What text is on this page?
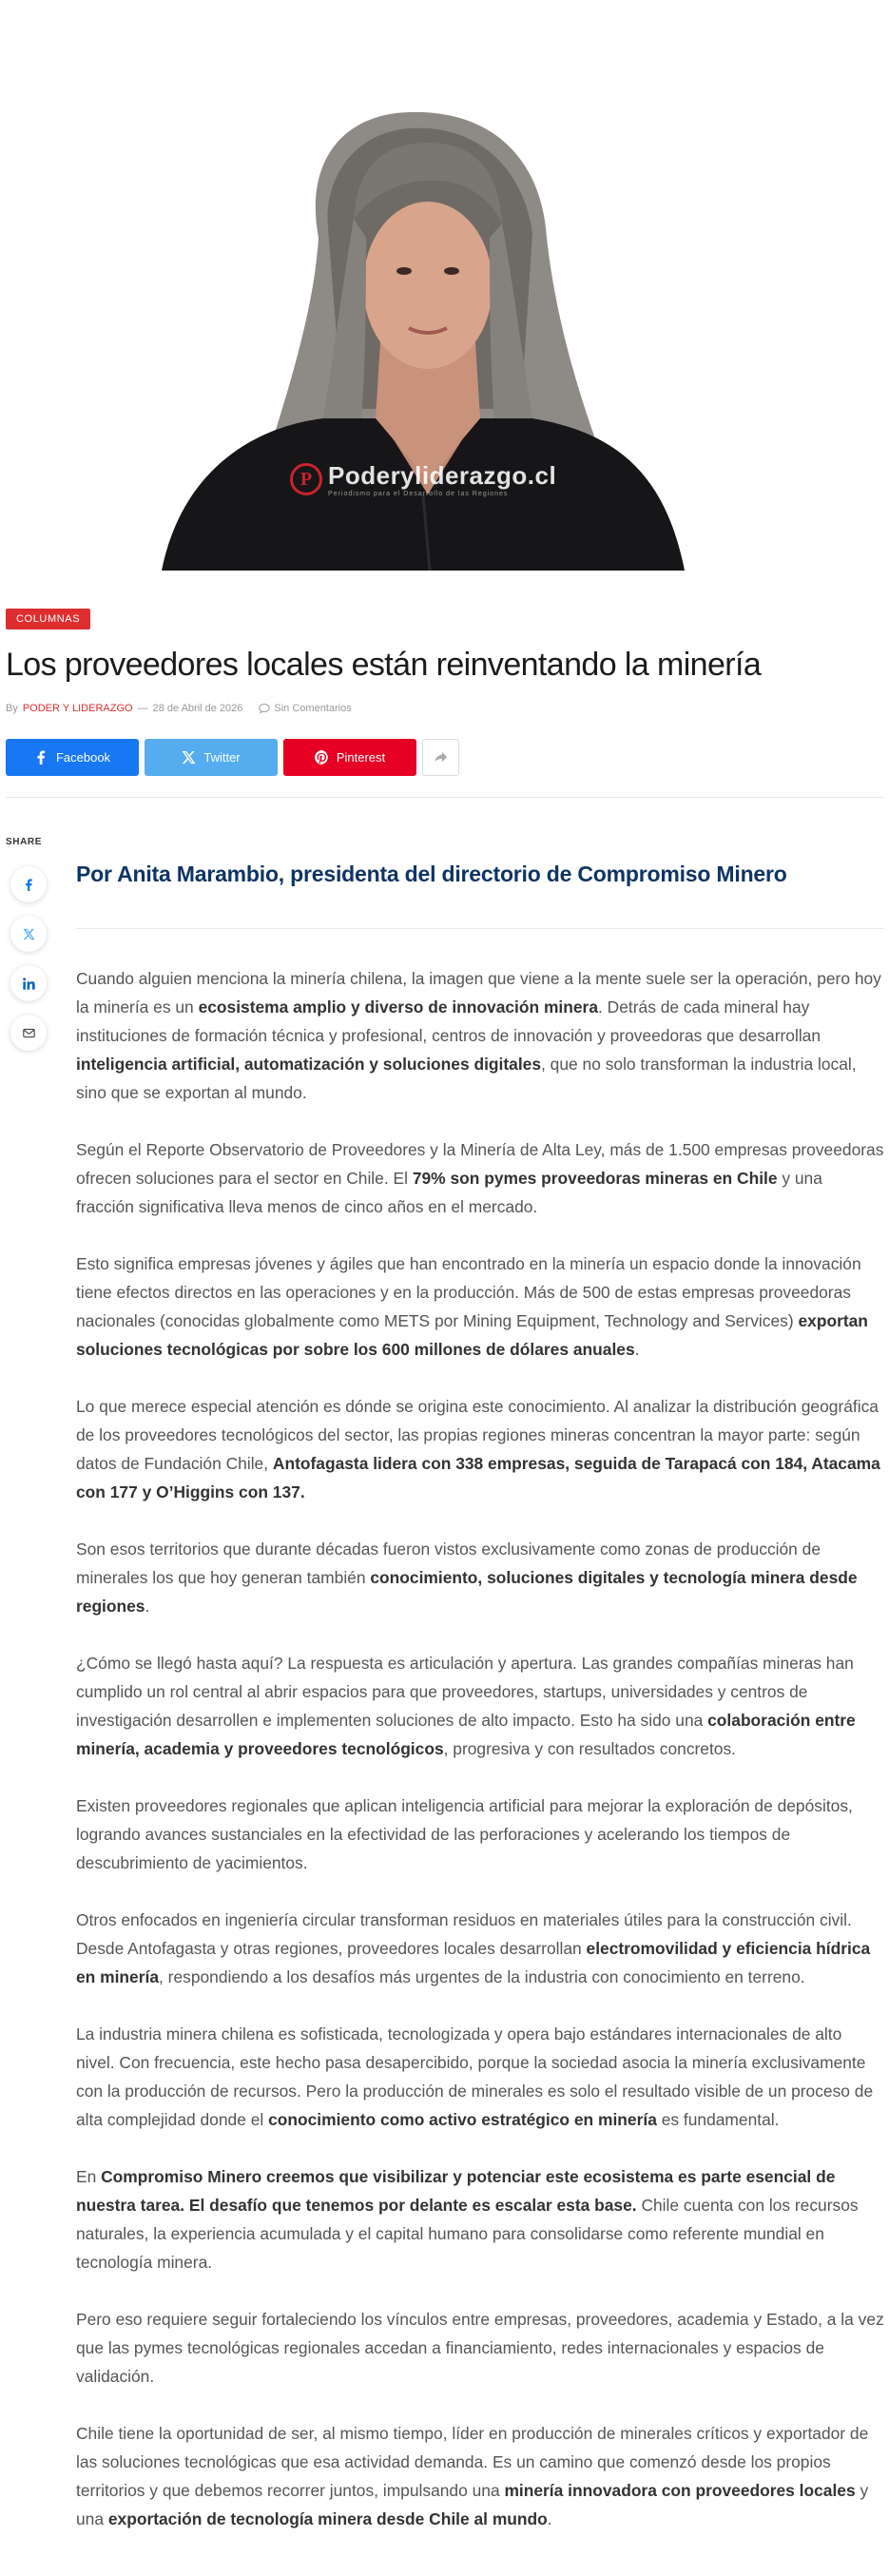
P Poderyliderazgo.cl
Periodismo para el Desarrollo de las Regiones
COLUMNAS
Los proveedores locales están reinventando la minería
By PODER Y LIDERAZGO — 28 de Abril de 2026	Sin Comentarios
Facebook	Twitter	Pinterest
SHARE
Por Anita Marambio, presidenta del directorio de Compromiso Minero

Cuando alguien menciona la minería chilena, la imagen que viene a la mente suele ser la operación, pero hoy la minería es un ecosistema amplio y diverso de innovación minera. Detrás de cada mineral hay instituciones de formación técnica y profesional, centros de innovación y proveedoras que desarrollan inteligencia artificial, automatización y soluciones digitales, que no solo transforman la industria local, sino que se exportan al mundo.

Según el Reporte Observatorio de Proveedores y la Minería de Alta Ley, más de 1.500 empresas proveedoras ofrecen soluciones para el sector en Chile. El 79% son pymes proveedoras mineras en Chile y una fracción significativa lleva menos de cinco años en el mercado.

Esto significa empresas jóvenes y ágiles que han encontrado en la minería un espacio donde la innovación tiene efectos directos en las operaciones y en la producción. Más de 500 de estas empresas proveedoras nacionales (conocidas globalmente como METS por Mining Equipment, Technology and Services) exportan soluciones tecnológicas por sobre los 600 millones de dólares anuales.

Lo que merece especial atención es dónde se origina este conocimiento. Al analizar la distribución geográfica de los proveedores tecnológicos del sector, las propias regiones mineras concentran la mayor parte: según datos de Fundación Chile, Antofagasta lidera con 338 empresas, seguida de Tarapacá con 184, Atacama con 177 y O’Higgins con 137.

Son esos territorios que durante décadas fueron vistos exclusivamente como zonas de producción de minerales los que hoy generan también conocimiento, soluciones digitales y tecnología minera desde regiones.

¿Cómo se llegó hasta aquí? La respuesta es articulación y apertura. Las grandes compañías mineras han cumplido un rol central al abrir espacios para que proveedores, startups, universidades y centros de investigación desarrollen e implementen soluciones de alto impacto. Esto ha sido una colaboración entre minería, academia y proveedores tecnológicos, progresiva y con resultados concretos.

Existen proveedores regionales que aplican inteligencia artificial para mejorar la exploración de depósitos, logrando avances sustanciales en la efectividad de las perforaciones y acelerando los tiempos de descubrimiento de yacimientos.

Otros enfocados en ingeniería circular transforman residuos en materiales útiles para la construcción civil. Desde Antofagasta y otras regiones, proveedores locales desarrollan electromovilidad y eficiencia hídrica en minería, respondiendo a los desafíos más urgentes de la industria con conocimiento en terreno.

La industria minera chilena es sofisticada, tecnologizada y opera bajo estándares internacionales de alto nivel. Con frecuencia, este hecho pasa desapercibido, porque la sociedad asocia la minería exclusivamente con la producción de recursos. Pero la producción de minerales es solo el resultado visible de un proceso de alta complejidad donde el conocimiento como activo estratégico en minería es fundamental.

En Compromiso Minero creemos que visibilizar y potenciar este ecosistema es parte esencial de nuestra tarea. El desafío que tenemos por delante es escalar esta base. Chile cuenta con los recursos naturales, la experiencia acumulada y el capital humano para consolidarse como referente mundial en tecnología minera.

Pero eso requiere seguir fortaleciendo los vínculos entre empresas, proveedores, academia y Estado, a la vez que las pymes tecnológicas regionales accedan a financiamiento, redes internacionales y espacios de validación.

Chile tiene la oportunidad de ser, al mismo tiempo, líder en producción de minerales críticos y exportador de las soluciones tecnológicas que esa actividad demanda. Es un camino que comenzó desde los propios territorios y que debemos recorrer juntos, impulsando una minería innovadora con proveedores locales y una exportación de tecnología minera desde Chile al mundo.
